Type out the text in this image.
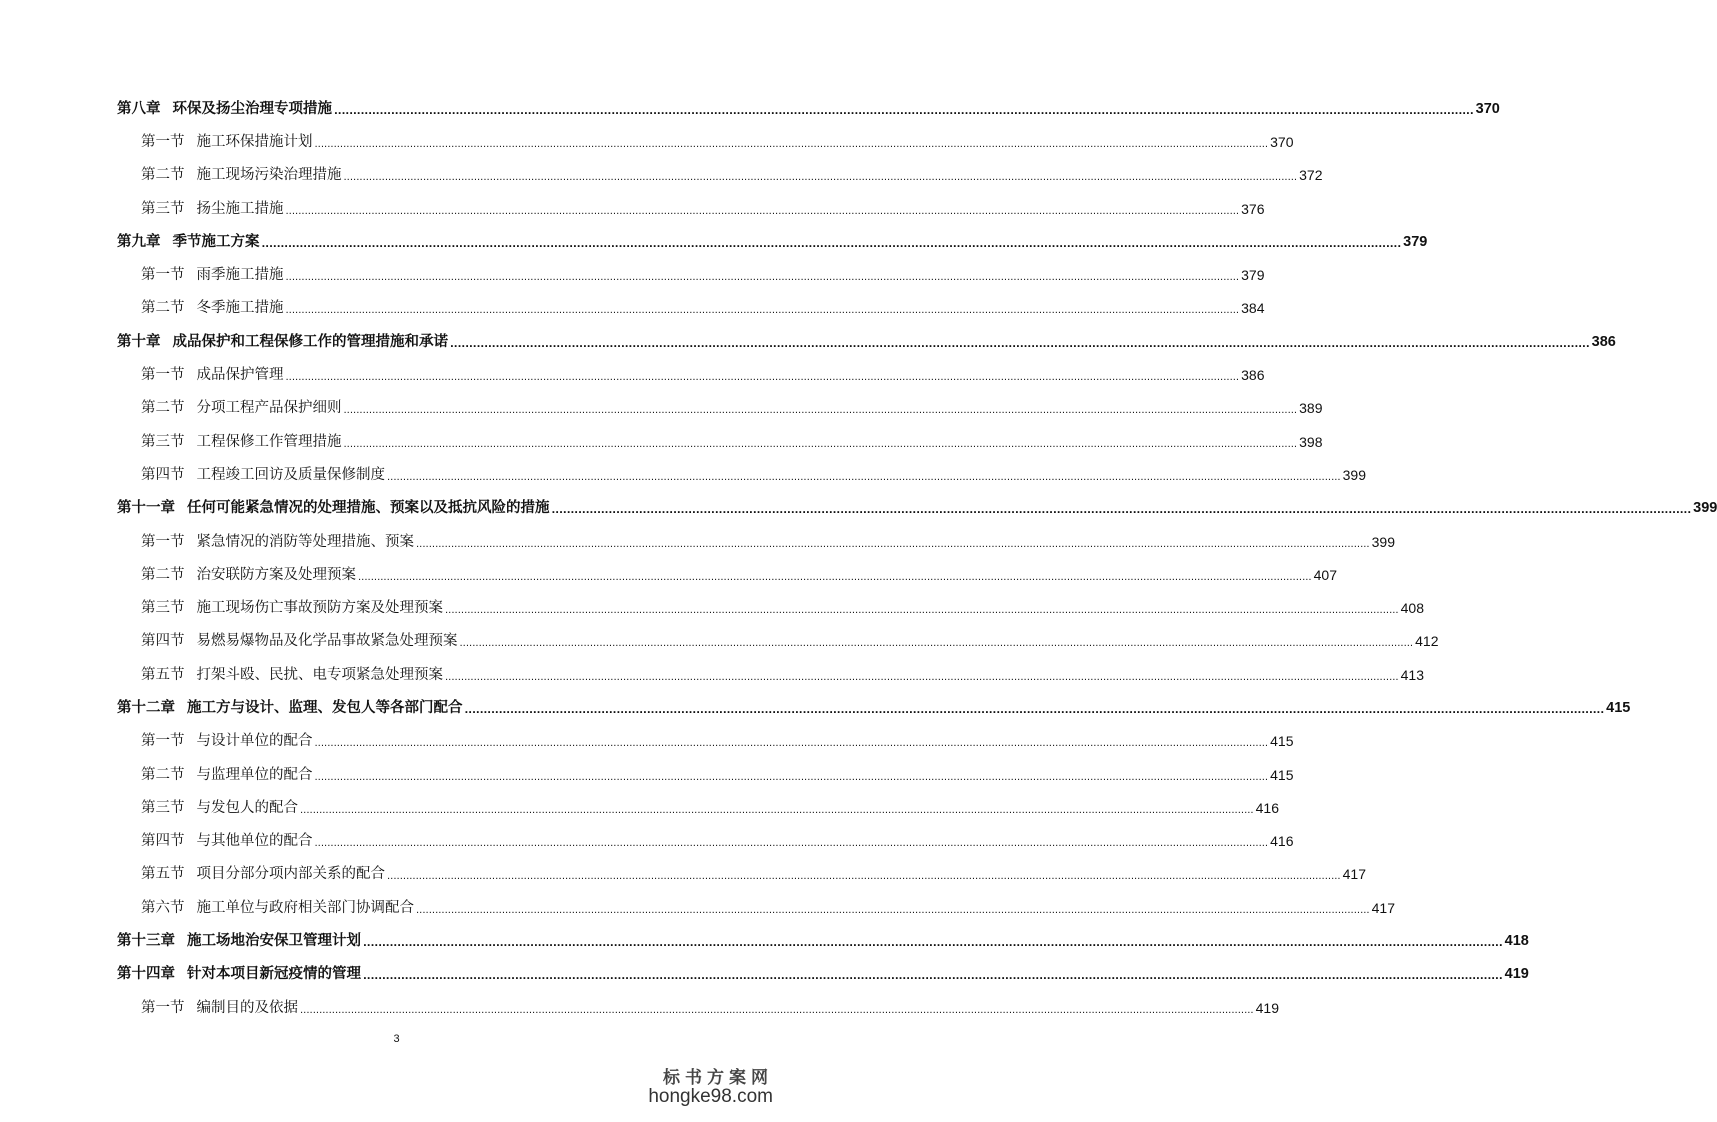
第八章 环保及扬尘治理专项措施 ............................................................................................................................................................................................................................................................................................................ 370
第一节 施工环保措施计划 ............................................................................................................................................................................................................................................................................................................ 370
第二节 施工现场污染治理措施 ............................................................................................................................................................................................................................................................................................................ 372
第三节 扬尘施工措施 ............................................................................................................................................................................................................................................................................................................ 376
第九章 季节施工方案 ............................................................................................................................................................................................................................................................................................................ 379
第一节 雨季施工措施 ............................................................................................................................................................................................................................................................................................................ 379
第二节 冬季施工措施 ............................................................................................................................................................................................................................................................................................................ 384
第十章 成品保护和工程保修工作的管理措施和承诺 ............................................................................................................................................................................................................................................................................................................ 386
第一节 成品保护管理 ............................................................................................................................................................................................................................................................................................................ 386
第二节 分项工程产品保护细则 ............................................................................................................................................................................................................................................................................................................ 389
第三节 工程保修工作管理措施 ............................................................................................................................................................................................................................................................................................................ 398
第四节 工程竣工回访及质量保修制度 ............................................................................................................................................................................................................................................................................................................ 399
第十一章 任何可能紧急情况的处理措施、预案以及抵抗风险的措施 ............................................................................................................................................................................................................................................................................................................ 399
第一节 紧急情况的消防等处理措施、预案 ............................................................................................................................................................................................................................................................................................................ 399
第二节 治安联防方案及处理预案 ............................................................................................................................................................................................................................................................................................................ 407
第三节 施工现场伤亡事故预防方案及处理预案 ............................................................................................................................................................................................................................................................................................................ 408
第四节 易燃易爆物品及化学品事故紧急处理预案 ............................................................................................................................................................................................................................................................................................................ 412
第五节 打架斗殴、民扰、电专项紧急处理预案 ............................................................................................................................................................................................................................................................................................................ 413
第十二章 施工方与设计、监理、发包人等各部门配合 ............................................................................................................................................................................................................................................................................................................ 415
第一节 与设计单位的配合 ............................................................................................................................................................................................................................................................................................................ 415
第二节 与监理单位的配合 ............................................................................................................................................................................................................................................................................................................ 415
第三节 与发包人的配合 ............................................................................................................................................................................................................................................................................................................ 416
第四节 与其他单位的配合 ............................................................................................................................................................................................................................................................................................................ 416
第五节 项目分部分项内部关系的配合 ............................................................................................................................................................................................................................................................................................................ 417
第六节 施工单位与政府相关部门协调配合 ............................................................................................................................................................................................................................................................................................................ 417
第十三章 施工场地治安保卫管理计划 ............................................................................................................................................................................................................................................................................................................ 418
第十四章 针对本项目新冠疫情的管理 ............................................................................................................................................................................................................................................................................................................ 419
第一节 编制目的及依据 ............................................................................................................................................................................................................................................................................................................ 419
3
标书方案网
hongke98.com
